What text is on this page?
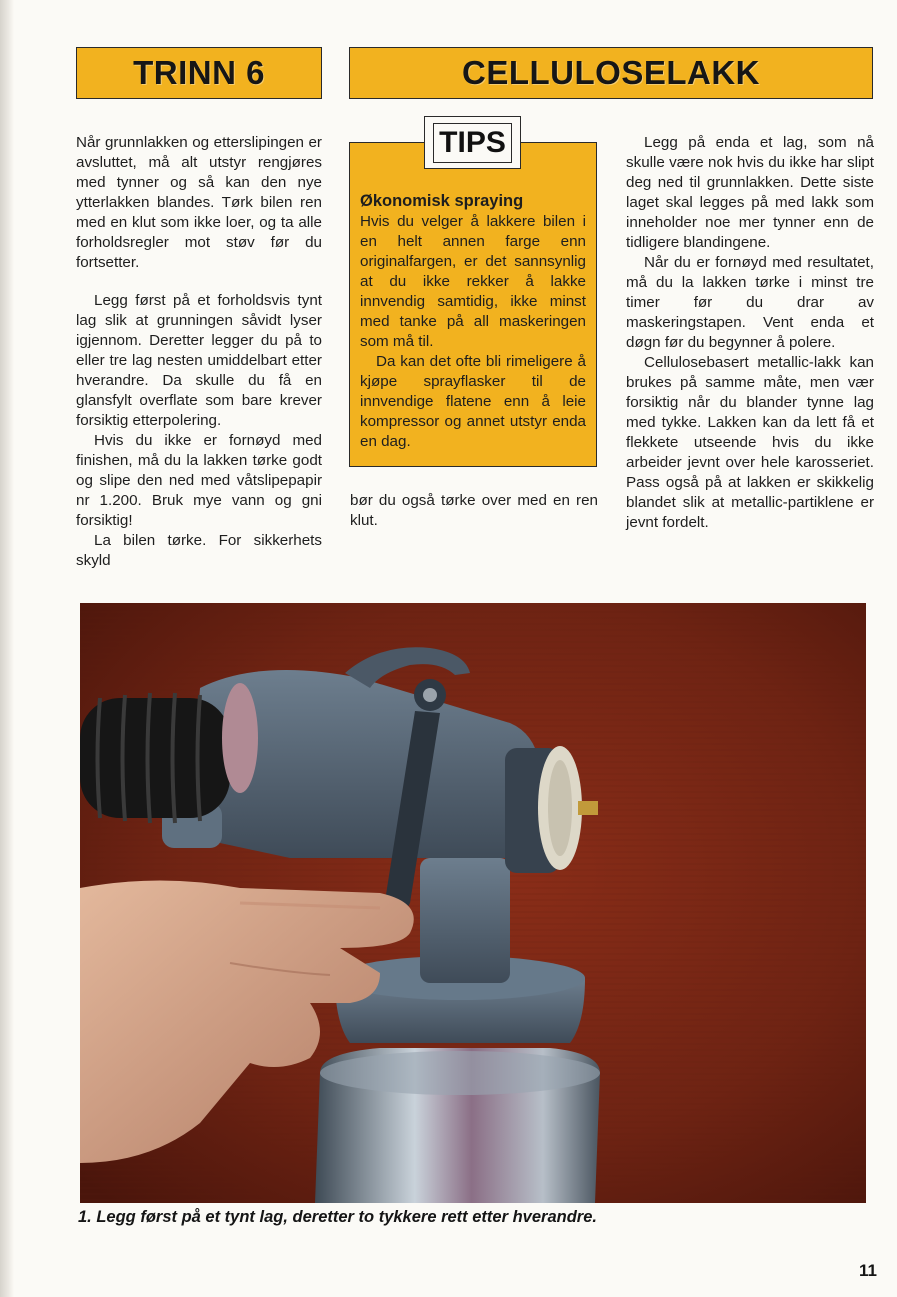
TRINN 6	CELLULOSELAKK

Når grunnlakken og etterslipingen er avsluttet, må alt utstyr rengjøres med tynner og så kan den nye ytterlakken blandes. Tørk bilen ren med en klut som ikke loer, og ta alle forholdsregler mot støv før du fortsetter.

Legg først på et forholdsvis tynt lag slik at grunningen såvidt lyser igjennom. Deretter legger du på to eller tre lag nesten umiddelbart etter hverandre. Da skulle du få en glansfylt overflate som bare krever forsiktig etterpolering.

Hvis du ikke er fornøyd med finishen, må du la lakken tørke godt og slipe den ned med våtslipepapir nr 1.200. Bruk mye vann og gni forsiktig!

La bilen tørke. For sikkerhets skyld

TIPS

Økonomisk spraying

Hvis du velger å lakkere bilen i en helt annen farge enn originalfargen, er det sannsynlig at du ikke rekker å lakke innvendig samtidig, ikke minst med tanke på all maskeringen som må til.

Da kan det ofte bli rimeligere å kjøpe sprayflasker til de innvendige flatene enn å leie kompressor og annet utstyr enda en dag.

bør du også tørke over med en ren klut.

Legg på enda et lag, som nå skulle være nok hvis du ikke har slipt deg ned til grunnlakken. Dette siste laget skal legges på med lakk som inneholder noe mer tynner enn de tidligere blandingene.

Når du er fornøyd med resultatet, må du la lakken tørke i minst tre timer før du drar av maskeringstapen. Vent enda et døgn før du begynner å polere.

Cellulosebasert metallic-lakk kan brukes på samme måte, men vær forsiktig når du blander tynne lag med tykke. Lakken kan da lett få et flekkete utseende hvis du ikke arbeider jevnt over hele karosseriet. Pass også på at lakken er skikkelig blandet slik at metallic-partiklene er jevnt fordelt.

1. Legg først på et tynt lag, deretter to tykkere rett etter hverandre.
11
